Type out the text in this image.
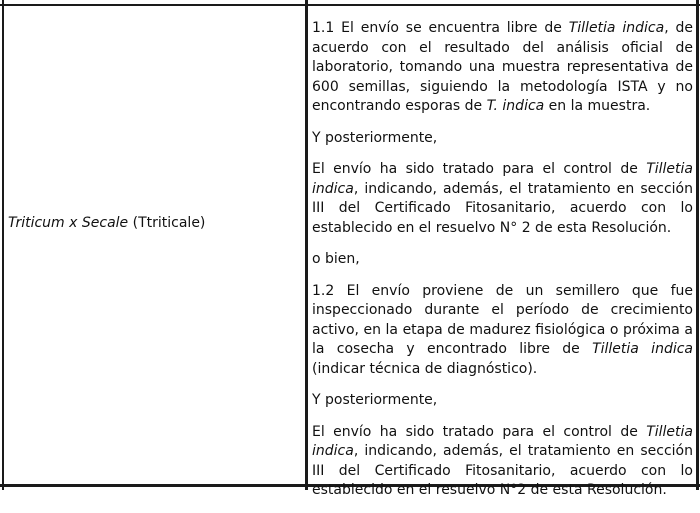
Triticum x Secale (Ttriticale)

1.1 El envío se encuentra libre de Tilletia indica, de acuerdo con el resultado del análisis oficial de laboratorio, tomando una muestra representativa de 600 semillas, siguiendo la metodología ISTA y no encontrando esporas de T. indica en la muestra.

Y posteriormente,

El envío ha sido tratado para el control de Tilletia indica, indicando, además, el tratamiento en sección III del Certificado Fitosanitario, acuerdo con lo establecido en el resuelvo N° 2 de esta Resolución.

o bien,

1.2 El envío proviene de un semillero que fue inspeccionado durante el período de crecimiento activo, en la etapa de madurez fisiológica o próxima a la cosecha y encontrado libre de Tilletia indica (indicar técnica de diagnóstico).

Y posteriormente,

El envío ha sido tratado para el control de Tilletia indica, indicando, además, el tratamiento en sección III del Certificado Fitosanitario, acuerdo con lo establecido en el resuelvo N°2 de esta Resolución.
